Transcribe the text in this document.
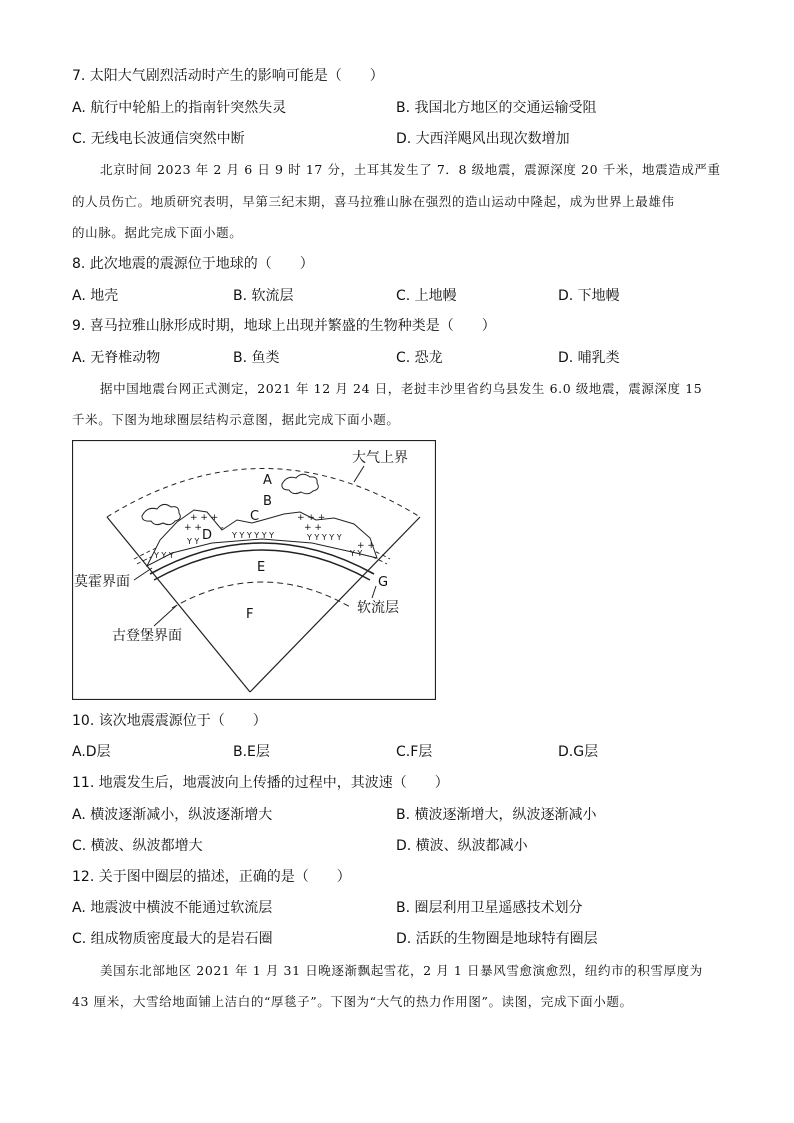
7. 太阳大气剧烈活动时产生的影响可能是（　　）
A. 航行中轮船上的指南针突然失灵	B. 我国北方地区的交通运输受阻
C. 无线电长波通信突然中断	D. 大西洋飓风出现次数增加
北京时间 2023 年 2 月 6 日 9 时 17 分，土耳其发生了 7．8 级地震，震源深度 20 千米，地震造成严重
的人员伤亡。地质研究表明，早第三纪末期，喜马拉雅山脉在强烈的造山运动中隆起，成为世界上最雄伟
的山脉。据此完成下面小题。
8. 此次地震的震源位于地球的（　　）
A. 地壳	B. 软流层	C. 上地幔	D. 下地幔
9. 喜马拉雅山脉形成时期，地球上出现并繁盛的生物种类是（　　）
A. 无脊椎动物	B. 鱼类	C. 恐龙	D. 哺乳类
据中国地震台网正式测定，2021 年 12 月 24 日，老挝丰沙里省约乌县发生 6.0 级地震，震源深度 15
千米。下图为地球圈层结构示意图，据此完成下面小题。
+ + +
+ +
+ + +
+ +
+ +
Y Y Y
Y Y
Y Y Y Y Y Y	Y Y Y Y Y
Y Y
A
B
C
D
E
F
G
大气上界
莫霍界面
软流层
古登堡界面
10. 该次地震震源位于（　　）
A.D层	B.E层	C.F层	D.G层
11. 地震发生后，地震波向上传播的过程中，其波速（　　）
A. 横波逐渐减小，纵波逐渐增大	B. 横波逐渐增大，纵波逐渐减小
C. 横波、纵波都增大	D. 横波、纵波都减小
12. 关于图中圈层的描述，正确的是（　　）
A. 地震波中横波不能通过软流层	B. 圈层利用卫星遥感技术划分
C. 组成物质密度最大的是岩石圈	D. 活跃的生物圈是地球特有圈层
美国东北部地区 2021 年 1 月 31 日晚逐渐飘起雪花，2 月 1 日暴风雪愈演愈烈，纽约市的积雪厚度为
43 厘米，大雪给地面铺上洁白的“厚毯子”。下图为“大气的热力作用图”。读图，完成下面小题。
